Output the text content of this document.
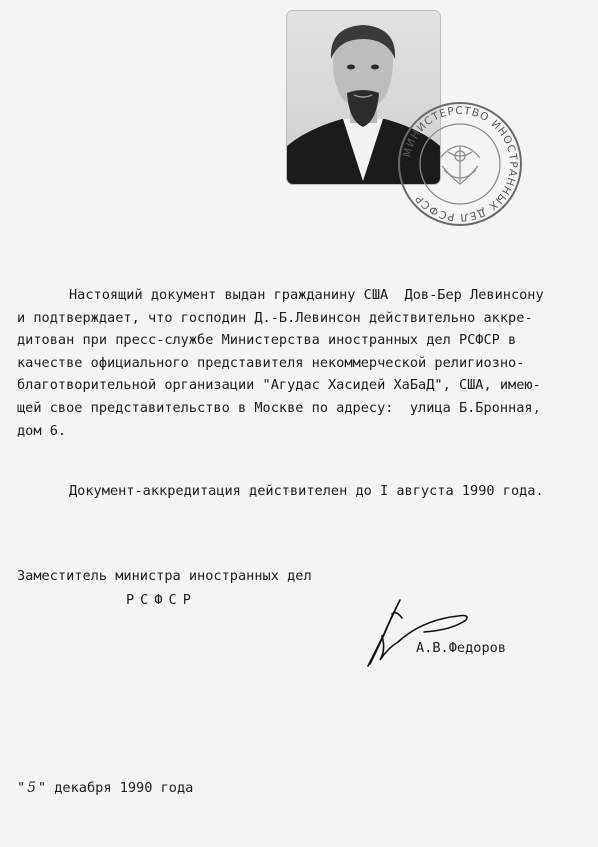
МИНИСТЕРСТВО ИНОСТРАННЫХ ДЕЛ РСФСР
Настоящий документ выдан гражданину США  Дов-Бер Левинсону
и подтверждает, что господин Д.-Б.Левинсон действительно аккре-
дитован при пресс-службе Министерства иностранных дел РСФСР в
качестве официального представителя некоммерческой религиозно-
благотворительной организации "Агудас Хасидей ХаБаД", США, имею-
щей свое представительство в Москве по адресу:  улица Б.Бронная,
дом 6.
Документ-аккредитация действителен до I августа 1990 года.
Заместитель министра иностранных дел
РСФСР
А.В.Федоров
" 5 " декабря 1990 года
